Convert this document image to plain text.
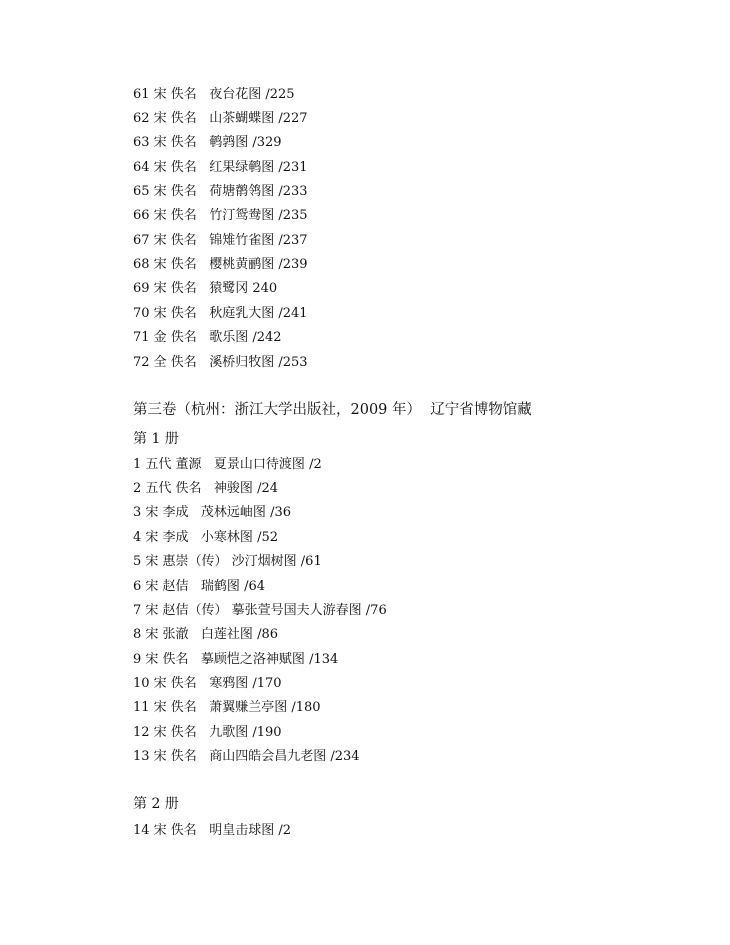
61 宋 佚名   夜台花图 /225
62 宋 佚名   山茶蝴蝶图 /227
63 宋 佚名   鹌鹑图 /329
64 宋 佚名   红果绿鹌图 /231
65 宋 佚名   荷塘鹡鸰图 /233
66 宋 佚名   竹汀鸳鸯图 /235
67 宋 佚名   锦雉竹雀图 /237
68 宋 佚名   樱桃黄鹂图 /239
69 宋 佚名   猿鹭冈 240
70 宋 佚名   秋庭乳大图 /241
71 金 佚名   歌乐图 /242
72 全 佚名   溪桥归牧图 /253
第三卷（杭州：浙江大学出版社，2009 年）  辽宁省博物馆藏
第 1 册
1 五代 董源   夏景山口待渡图 /2
2 五代 佚名   神骏图 /24
3 宋 李成   茂林远岫图 /36
4 宋 李成   小寒林图 /52
5 宋 惠崇（传） 沙汀烟树图 /61
6 宋 赵佶   瑞鹤图 /64
7 宋 赵佶（传） 摹张萱号国夫人游春图 /76
8 宋 张澈   白莲社图 /86
9 宋 佚名   摹顾恺之洛神赋图 /134
10 宋 佚名   寒鸦图 /170
11 宋 佚名   萧翼赚兰亭图 /180
12 宋 佚名   九歌图 /190
13 宋 佚名   商山四皓会昌九老图 /234
第 2 册
14 宋 佚名   明皇击球图 /2
